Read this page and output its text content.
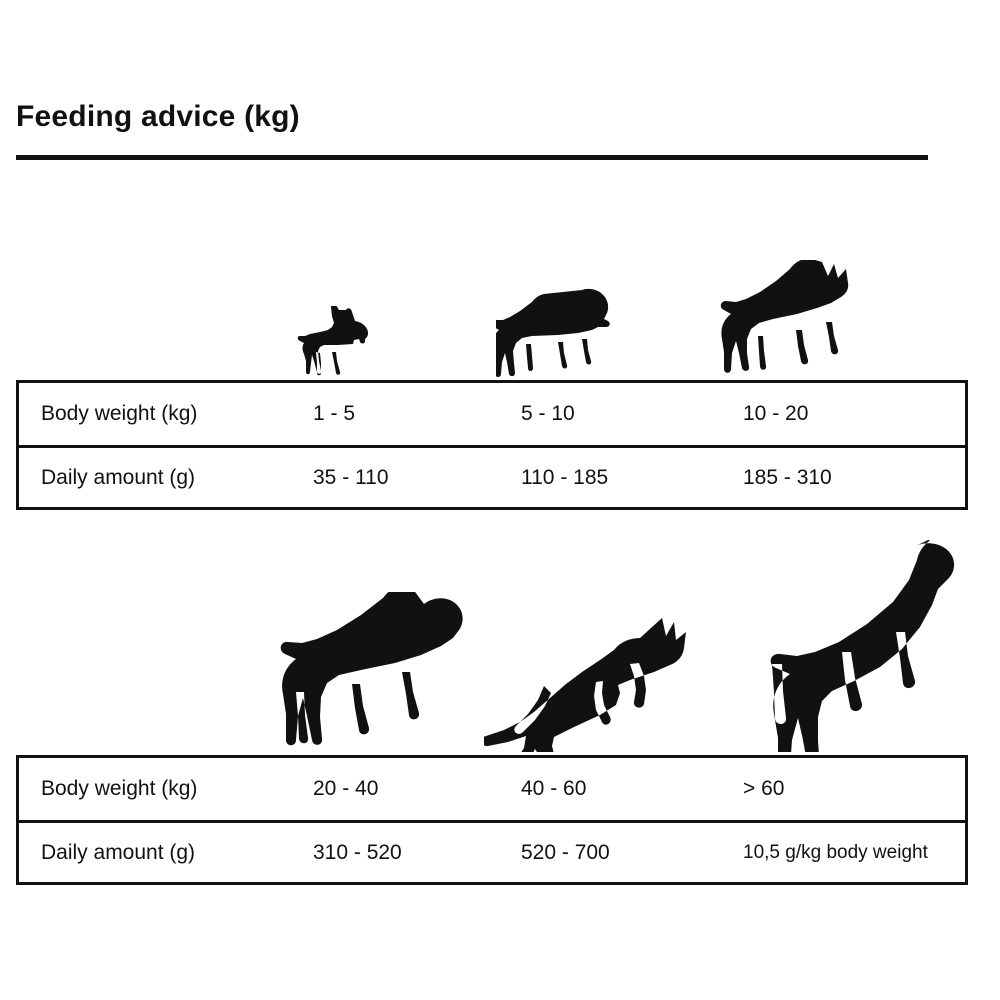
Feeding advice (kg)
Body weight (kg)	1 - 5	5 - 10	10 - 20
Daily amount (g)	35 - 110	110 - 185	185 - 310
Body weight (kg)	20 - 40	40 - 60	> 60
Daily amount (g)	310 - 520	520 - 700	10,5 g/kg body weight
